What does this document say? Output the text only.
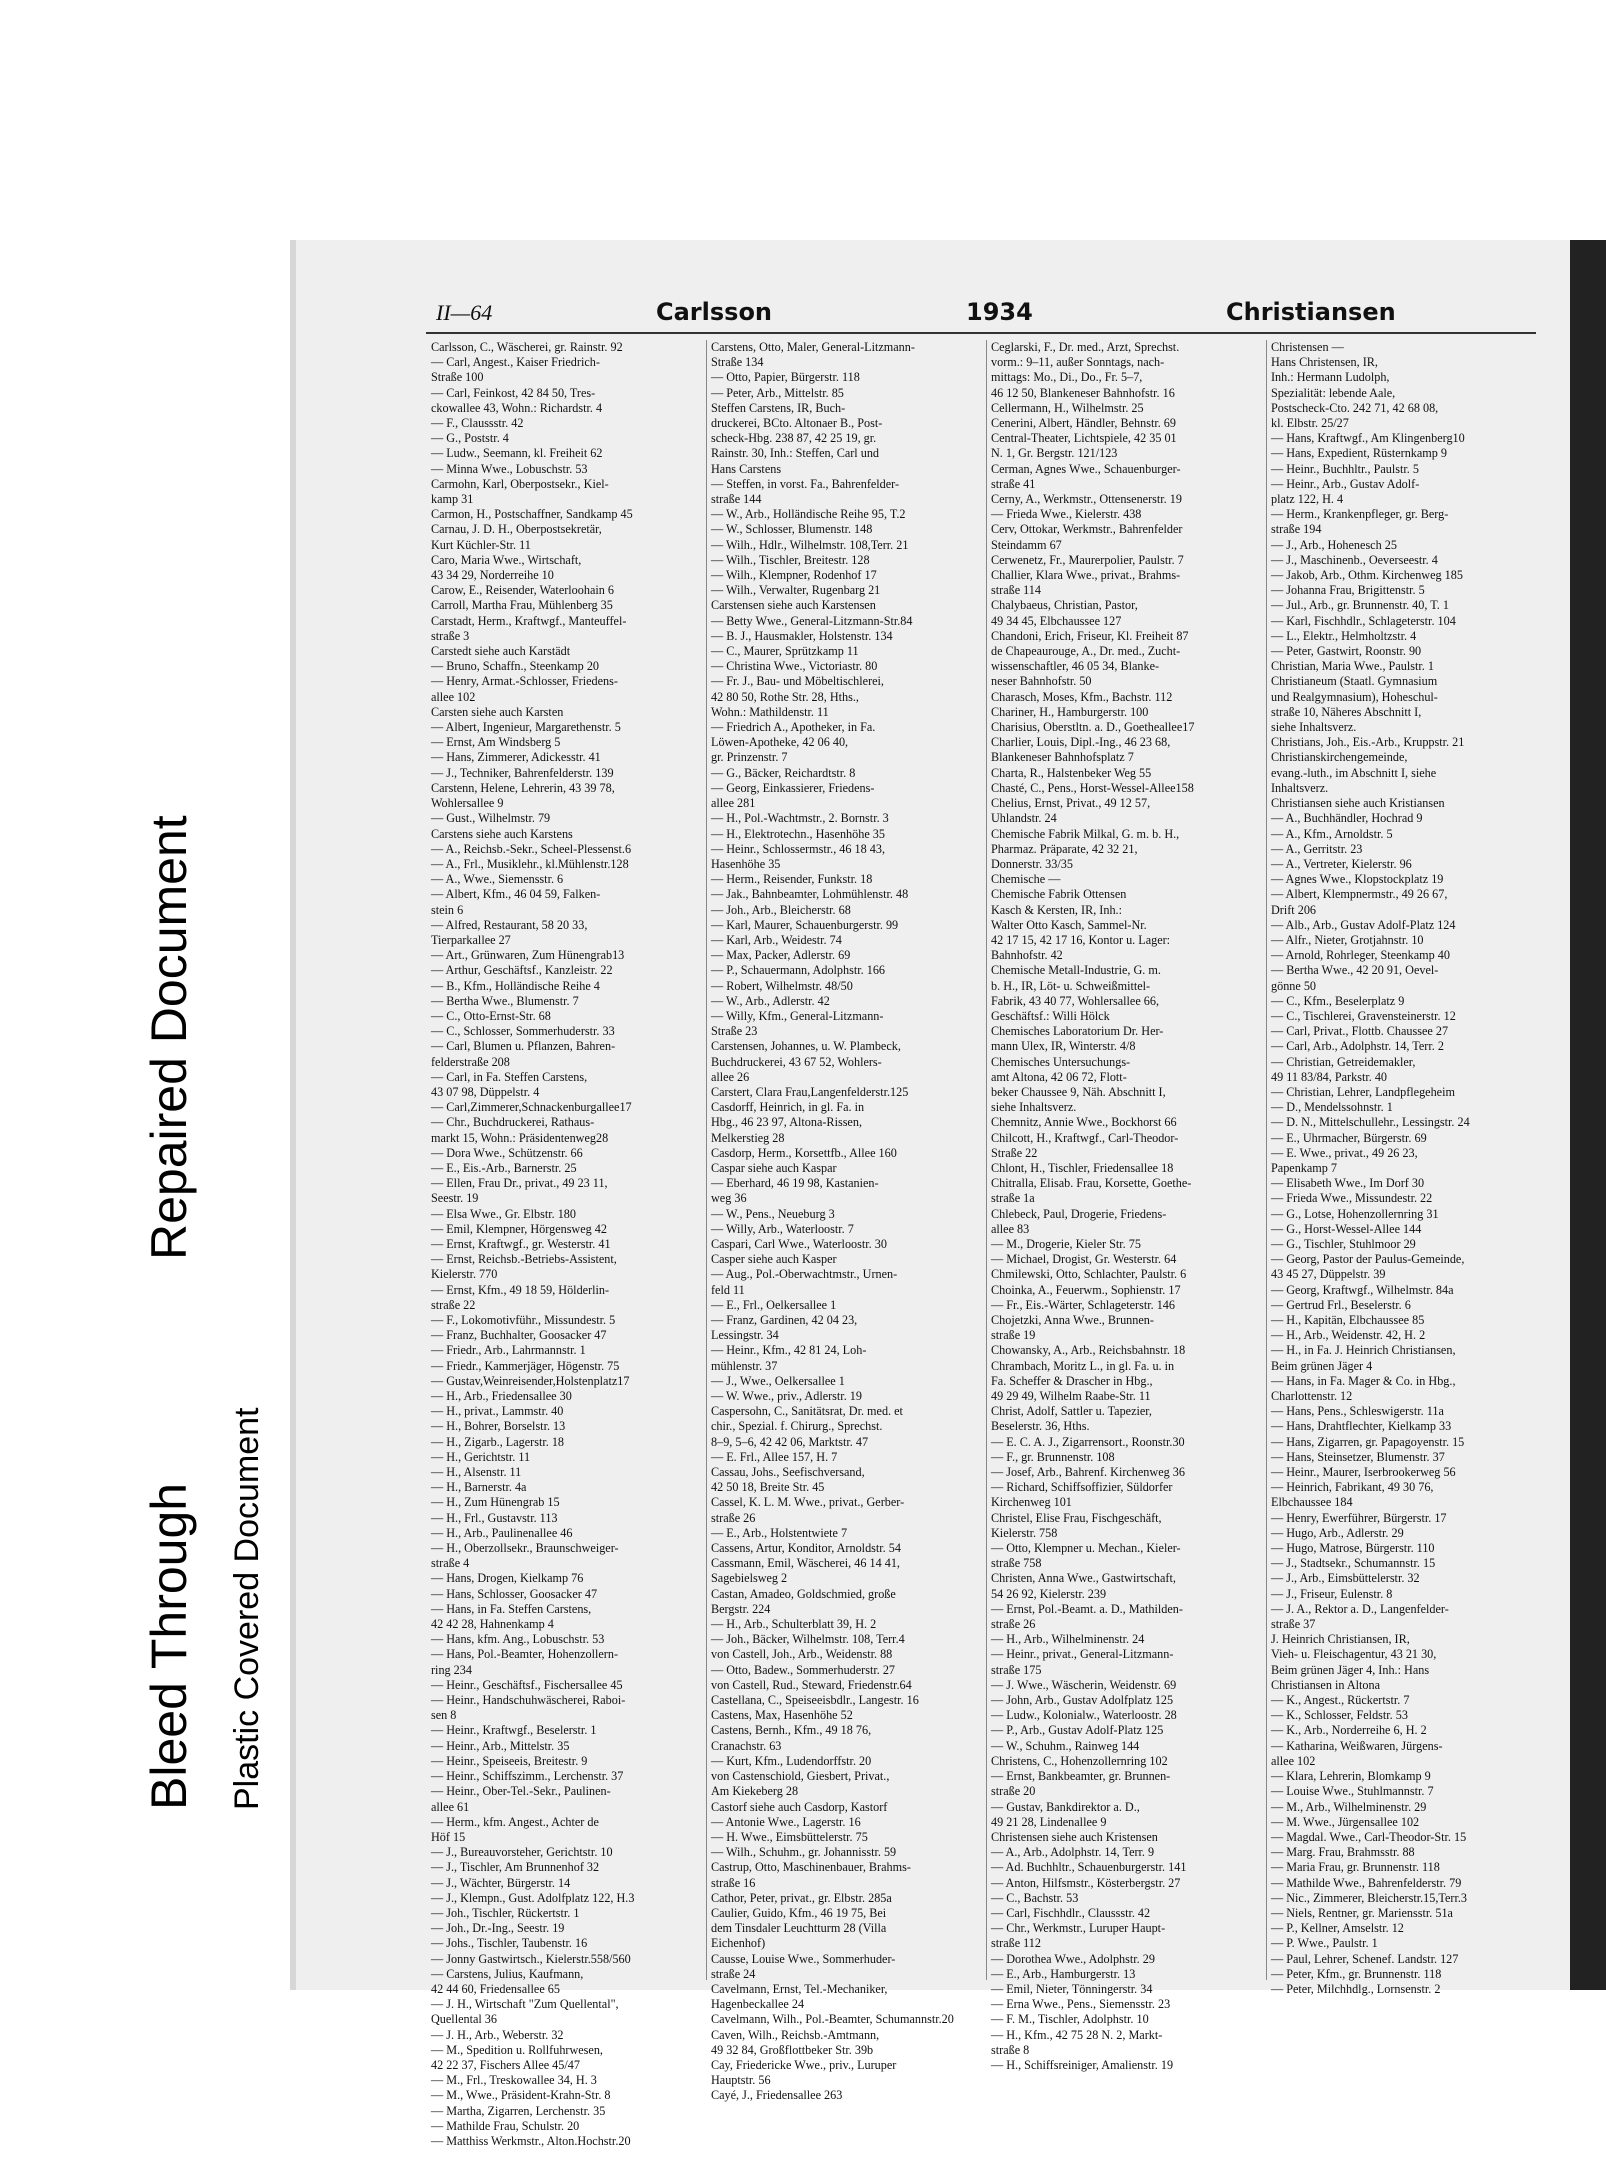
Bleed Through
Repaired Document
Plastic Covered Document
II—64	Carlsson	1934	Christiansen

Carlsson, C., Wäscherei, gr. Rainstr. 92

— Carl, Angest., Kaiser Friedrich-

Straße 100

— Carl, Feinkost, 42 84 50, Tres-

ckowallee 43, Wohn.: Richardstr. 4

— F., Claussstr. 42

— G., Poststr. 4

— Ludw., Seemann, kl. Freiheit 62

— Minna Wwe., Lobuschstr. 53

Carmohn, Karl, Oberpostsekr., Kiel-

kamp 31

Carmon, H., Postschaffner, Sandkamp 45

Carnau, J. D. H., Oberpostsekretär,

Kurt Küchler-Str. 11

Caro, Maria Wwe., Wirtschaft,

43 34 29, Norderreihe 10

Carow, E., Reisender, Waterloohain 6

Carroll, Martha Frau, Mühlenberg 35

Carstadt, Herm., Kraftwgf., Manteuffel-

straße 3

Carstedt siehe auch Karstädt

— Bruno, Schaffn., Steenkamp 20

— Henry, Armat.-Schlosser, Friedens-

allee 102

Carsten siehe auch Karsten

— Albert, Ingenieur, Margarethenstr. 5

— Ernst, Am Windsberg 5

— Hans, Zimmerer, Adickesstr. 41

— J., Techniker, Bahrenfelderstr. 139

Carstenn, Helene, Lehrerin, 43 39 78,

Wohlersallee 9

— Gust., Wilhelmstr. 79

Carstens siehe auch Karstens

— A., Reichsb.-Sekr., Scheel-Plessenst.6

— A., Frl., Musiklehr., kl.Mühlenstr.128

— A., Wwe., Siemensstr. 6

— Albert, Kfm., 46 04 59, Falken-

stein 6

— Alfred, Restaurant, 58 20 33,

Tierparkallee 27

— Art., Grünwaren, Zum Hünengrab13

— Arthur, Geschäftsf., Kanzleistr. 22

— B., Kfm., Holländische Reihe 4

— Bertha Wwe., Blumenstr. 7

— C., Otto-Ernst-Str. 68

— C., Schlosser, Sommerhuderstr. 33

— Carl, Blumen u. Pflanzen, Bahren-

felderstraße 208

— Carl, in Fa. Steffen Carstens,

43 07 98, Düppelstr. 4

— Carl,Zimmerer,Schnackenburgallee17

— Chr., Buchdruckerei, Rathaus-

markt 15, Wohn.: Präsidentenweg28

— Dora Wwe., Schützenstr. 66

— E., Eis.-Arb., Barnerstr. 25

— Ellen, Frau Dr., privat., 49 23 11,

Seestr. 19

— Elsa Wwe., Gr. Elbstr. 180

— Emil, Klempner, Hörgensweg 42

— Ernst, Kraftwgf., gr. Westerstr. 41

— Ernst, Reichsb.-Betriebs-Assistent,

Kielerstr. 770

— Ernst, Kfm., 49 18 59, Hölderlin-

straße 22

— F., Lokomotivführ., Missundestr. 5

— Franz, Buchhalter, Goosacker 47

— Friedr., Arb., Lahrmannstr. 1

— Friedr., Kammerjäger, Högenstr. 75

— Gustav,Weinreisender,Holstenplatz17

— H., Arb., Friedensallee 30

— H., privat., Lammstr. 40

— H., Bohrer, Borselstr. 13

— H., Zigarb., Lagerstr. 18

— H., Gerichtstr. 11

— H., Alsenstr. 11

— H., Barnerstr. 4a

— H., Zum Hünengrab 15

— H., Frl., Gustavstr. 113

— H., Arb., Paulinenallee 46

— H., Oberzollsekr., Braunschweiger-

straße 4

— Hans, Drogen, Kielkamp 76

— Hans, Schlosser, Goosacker 47

— Hans, in Fa. Steffen Carstens,

42 42 28, Hahnenkamp 4

— Hans, kfm. Ang., Lobuschstr. 53

— Hans, Pol.-Beamter, Hohenzollern-

ring 234

— Heinr., Geschäftsf., Fischersallee 45

— Heinr., Handschuhwäscherei, Raboi-

sen 8

— Heinr., Kraftwgf., Beselerstr. 1

— Heinr., Arb., Mittelstr. 35

— Heinr., Speiseeis, Breitestr. 9

— Heinr., Schiffszimm., Lerchenstr. 37

— Heinr., Ober-Tel.-Sekr., Paulinen-

allee 61

— Herm., kfm. Angest., Achter de

Höf 15

— J., Bureauvorsteher, Gerichtstr. 10

— J., Tischler, Am Brunnenhof 32

— J., Wächter, Bürgerstr. 14

— J., Klempn., Gust. Adolfplatz 122, H.3

— Joh., Tischler, Rückertstr. 1

— Joh., Dr.-Ing., Seestr. 19

— Johs., Tischler, Taubenstr. 16

— Jonny Gastwirtsch., Kielerstr.558/560

— Carstens, Julius, Kaufmann,

42 44 60, Friedensallee 65

— J. H., Wirtschaft "Zum Quellental",

Quellental 36

— J. H., Arb., Weberstr. 32

— M., Spedition u. Rollfuhrwesen,

42 22 37, Fischers Allee 45/47

— M., Frl., Treskowallee 34, H. 3

— M., Wwe., Präsident-Krahn-Str. 8

— Martha, Zigarren, Lerchenstr. 35

— Mathilde Frau, Schulstr. 20

— Matthiss Werkmstr., Alton.Hochstr.20

Carstens, Otto, Maler, General-Litzmann-

Straße 134

— Otto, Papier, Bürgerstr. 118

— Peter, Arb., Mittelstr. 85

Steffen Carstens, IR, Buch-

druckerei, BCto. Altonaer B., Post-

scheck-Hbg. 238 87, 42 25 19, gr.

Rainstr. 30, Inh.: Steffen, Carl und

Hans Carstens

— Steffen, in vorst. Fa., Bahrenfelder-

straße 144

— W., Arb., Holländische Reihe 95, T.2

— W., Schlosser, Blumenstr. 148

— Wilh., Hdlr., Wilhelmstr. 108,Terr. 21

— Wilh., Tischler, Breitestr. 128

— Wilh., Klempner, Rodenhof 17

— Wilh., Verwalter, Rugenbarg 21

Carstensen siehe auch Karstensen

— Betty Wwe., General-Litzmann-Str.84

— B. J., Hausmakler, Holstenstr. 134

— C., Maurer, Sprützkamp 11

— Christina Wwe., Victoriastr. 80

— Fr. J., Bau- und Möbeltischlerei,

42 80 50, Rothe Str. 28, Hths.,

Wohn.: Mathildenstr. 11

— Friedrich A., Apotheker, in Fa.

Löwen-Apotheke, 42 06 40,

gr. Prinzenstr. 7

— G., Bäcker, Reichardtstr. 8

— Georg, Einkassierer, Friedens-

allee 281

— H., Pol.-Wachtmstr., 2. Bornstr. 3

— H., Elektrotechn., Hasenhöhe 35

— Heinr., Schlossermstr., 46 18 43,

Hasenhöhe 35

— Herm., Reisender, Funkstr. 18

— Jak., Bahnbeamter, Lohmühlenstr. 48

— Joh., Arb., Bleicherstr. 68

— Karl, Maurer, Schauenburgerstr. 99

— Karl, Arb., Weidestr. 74

— Max, Packer, Adlerstr. 69

— P., Schauermann, Adolphstr. 166

— Robert, Wilhelmstr. 48/50

— W., Arb., Adlerstr. 42

— Willy, Kfm., General-Litzmann-

Straße 23

Carstensen, Johannes, u. W. Plambeck,

Buchdruckerei, 43 67 52, Wohlers-

allee 26

Carstert, Clara Frau,Langenfelderstr.125

Casdorff, Heinrich, in gl. Fa. in

Hbg., 46 23 97, Altona-Rissen,

Melkerstieg 28

Casdorp, Herm., Korsettfb., Allee 160

Caspar siehe auch Kaspar

— Eberhard, 46 19 98, Kastanien-

weg 36

— W., Pens., Neueburg 3

— Willy, Arb., Waterloostr. 7

Caspari, Carl Wwe., Waterloostr. 30

Casper siehe auch Kasper

— Aug., Pol.-Oberwachtmstr., Urnen-

feld 11

— E., Frl., Oelkersallee 1

— Franz, Gardinen, 42 04 23,

Lessingstr. 34

— Heinr., Kfm., 42 81 24, Loh-

mühlenstr. 37

— J., Wwe., Oelkersallee 1

— W. Wwe., priv., Adlerstr. 19

Caspersohn, C., Sanitätsrat, Dr. med. et

chir., Spezial. f. Chirurg., Sprechst.

8–9, 5–6, 42 42 06, Marktstr. 47

— E. Frl., Allee 157, H. 7

Cassau, Johs., Seefischversand,

42 50 18, Breite Str. 45

Cassel, K. L. M. Wwe., privat., Gerber-

straße 26

— E., Arb., Holstentwiete 7

Cassens, Artur, Konditor, Arnoldstr. 54

Cassmann, Emil, Wäscherei, 46 14 41,

Sagebielsweg 2

Castan, Amadeo, Goldschmied, große

Bergstr. 224

— H., Arb., Schulterblatt 39, H. 2

— Joh., Bäcker, Wilhelmstr. 108, Terr.4

von Castell, Joh., Arb., Weidenstr. 88

— Otto, Badew., Sommerhuderstr. 27

von Castell, Rud., Steward, Friedenstr.64

Castellana, C., Speiseeisbdlr., Langestr. 16

Castens, Max, Hasenhöhe 52

Castens, Bernh., Kfm., 49 18 76,

Cranachstr. 63

— Kurt, Kfm., Ludendorffstr. 20

von Castenschiold, Giesbert, Privat.,

Am Kiekeberg 28

Castorf siehe auch Casdorp, Kastorf

— Antonie Wwe., Lagerstr. 16

— H. Wwe., Eimsbüttelerstr. 75

— Wilh., Schuhm., gr. Johannisstr. 59

Castrup, Otto, Maschinenbauer, Brahms-

straße 16

Cathor, Peter, privat., gr. Elbstr. 285a

Caulier, Guido, Kfm., 46 19 75, Bei

dem Tinsdaler Leuchtturm 28 (Villa

Eichenhof)

Causse, Louise Wwe., Sommerhuder-

straße 24

Cavelmann, Ernst, Tel.-Mechaniker,

Hagenbeckallee 24

Cavelmann, Wilh., Pol.-Beamter, Schumannstr.20

Caven, Wilh., Reichsb.-Amtmann,

49 32 84, Großflottbeker Str. 39b

Cay, Friedericke Wwe., priv., Luruper

Hauptstr. 56

Cayé, J., Friedensallee 263

Ceglarski, F., Dr. med., Arzt, Sprechst.

vorm.: 9–11, außer Sonntags, nach-

mittags: Mo., Di., Do., Fr. 5–7,

46 12 50, Blankeneser Bahnhofstr. 16

Cellermann, H., Wilhelmstr. 25

Cenerini, Albert, Händler, Behnstr. 69

Central-Theater, Lichtspiele, 42 35 01

N. 1, Gr. Bergstr. 121/123

Cerman, Agnes Wwe., Schauenburger-

straße 41

Cerny, A., Werkmstr., Ottensenerstr. 19

— Frieda Wwe., Kielerstr. 438

Cerv, Ottokar, Werkmstr., Bahrenfelder

Steindamm 67

Cerwenetz, Fr., Maurerpolier, Paulstr. 7

Challier, Klara Wwe., privat., Brahms-

straße 114

Chalybaeus, Christian, Pastor,

49 34 45, Elbchaussee 127

Chandoni, Erich, Friseur, Kl. Freiheit 87

de Chapeaurouge, A., Dr. med., Zucht-

wissenschaftler, 46 05 34, Blanke-

neser Bahnhofstr. 50

Charasch, Moses, Kfm., Bachstr. 112

Chariner, H., Hamburgerstr. 100

Charisius, Oberstltn. a. D., Goetheallee17

Charlier, Louis, Dipl.-Ing., 46 23 68,

Blankeneser Bahnhofsplatz 7

Charta, R., Halstenbeker Weg 55

Chasté, C., Pens., Horst-Wessel-Allee158

Chelius, Ernst, Privat., 49 12 57,

Uhlandstr. 24

Chemische Fabrik Milkal, G. m. b. H.,

Pharmaz. Präparate, 42 32 21,

Donnerstr. 33/35

Chemische —

Chemische Fabrik Ottensen

Kasch & Kersten, IR, Inh.:

Walter Otto Kasch, Sammel-Nr.

42 17 15, 42 17 16, Kontor u. Lager:

Bahnhofstr. 42

Chemische Metall-Industrie, G. m.

b. H., IR, Löt- u. Schweißmittel-

Fabrik, 43 40 77, Wohlersallee 66,

Geschäftsf.: Willi Hölck

Chemisches Laboratorium Dr. Her-

mann Ulex, IR, Winterstr. 4/8

Chemisches Untersuchungs-

amt Altona, 42 06 72, Flott-

beker Chaussee 9, Näh. Abschnitt I,

siehe Inhaltsverz.

Chemnitz, Annie Wwe., Bockhorst 66

Chilcott, H., Kraftwgf., Carl-Theodor-

Straße 22

Chlont, H., Tischler, Friedensallee 18

Chitralla, Elisab. Frau, Korsette, Goethe-

straße 1a

Chlebeck, Paul, Drogerie, Friedens-

allee 83

— M., Drogerie, Kieler Str. 75

— Michael, Drogist, Gr. Westerstr. 64

Chmilewski, Otto, Schlachter, Paulstr. 6

Choinka, A., Feuerwm., Sophienstr. 17

— Fr., Eis.-Wärter, Schlageterstr. 146

Chojetzki, Anna Wwe., Brunnen-

straße 19

Chowansky, A., Arb., Reichsbahnstr. 18

Chrambach, Moritz L., in gl. Fa. u. in

Fa. Scheffer & Drascher in Hbg.,

49 29 49, Wilhelm Raabe-Str. 11

Christ, Adolf, Sattler u. Tapezier,

Beselerstr. 36, Hths.

— E. C. A. J., Zigarrensort., Roonstr.30

— F., gr. Brunnenstr. 108

— Josef, Arb., Bahrenf. Kirchenweg 36

— Richard, Schiffsoffizier, Süldorfer

Kirchenweg 101

Christel, Elise Frau, Fischgeschäft,

Kielerstr. 758

— Otto, Klempner u. Mechan., Kieler-

straße 758

Christen, Anna Wwe., Gastwirtschaft,

54 26 92, Kielerstr. 239

— Ernst, Pol.-Beamt. a. D., Mathilden-

straße 26

— H., Arb., Wilhelminenstr. 24

— Heinr., privat., General-Litzmann-

straße 175

— J. Wwe., Wäscherin, Weidenstr. 69

— John, Arb., Gustav Adolfplatz 125

— Ludw., Kolonialw., Waterloostr. 28

— P., Arb., Gustav Adolf-Platz 125

— W., Schuhm., Rainweg 144

Christens, C., Hohenzollernring 102

— Ernst, Bankbeamter, gr. Brunnen-

straße 20

— Gustav, Bankdirektor a. D.,

49 21 28, Lindenallee 9

Christensen siehe auch Kristensen

— A., Arb., Adolphstr. 14, Terr. 9

— Ad. Buchhltr., Schauenburgerstr. 141

— Anton, Hilfsmstr., Kösterbergstr. 27

— C., Bachstr. 53

— Carl, Fischhdlr., Claussstr. 42

— Chr., Werkmstr., Luruper Haupt-

straße 112

— Dorothea Wwe., Adolphstr. 29

— E., Arb., Hamburgerstr. 13

— Emil, Nieter, Tönningerstr. 34

— Erna Wwe., Pens., Siemensstr. 23

— F. M., Tischler, Adolphstr. 10

— H., Kfm., 42 75 28 N. 2, Markt-

straße 8

— H., Schiffsreiniger, Amalienstr. 19

Christensen —

Hans Christensen, IR,

Inh.: Hermann Ludolph,

Spezialität: lebende Aale,

Postscheck-Cto. 242 71, 42 68 08,

kl. Elbstr. 25/27

— Hans, Kraftwgf., Am Klingenberg10

— Hans, Expedient, Rüsternkamp 9

— Heinr., Buchhltr., Paulstr. 5

— Heinr., Arb., Gustav Adolf-

platz 122, H. 4

— Herm., Krankenpfleger, gr. Berg-

straße 194

— J., Arb., Hohenesch 25

— J., Maschinenb., Oeverseestr. 4

— Jakob, Arb., Othm. Kirchenweg 185

— Johanna Frau, Brigittenstr. 5

— Jul., Arb., gr. Brunnenstr. 40, T. 1

— Karl, Fischhdlr., Schlageterstr. 104

— L., Elektr., Helmholtzstr. 4

— Peter, Gastwirt, Roonstr. 90

Christian, Maria Wwe., Paulstr. 1

Christianeum (Staatl. Gymnasium

und Realgymnasium), Hoheschul-

straße 10, Näheres Abschnitt I,

siehe Inhaltsverz.

Christians, Joh., Eis.-Arb., Kruppstr. 21

Christianskirchengemeinde,

evang.-luth., im Abschnitt I, siehe

Inhaltsverz.

Christiansen siehe auch Kristiansen

— A., Buchhändler, Hochrad 9

— A., Kfm., Arnoldstr. 5

— A., Gerritstr. 23

— A., Vertreter, Kielerstr. 96

— Agnes Wwe., Klopstockplatz 19

— Albert, Klempnermstr., 49 26 67,

Drift 206

— Alb., Arb., Gustav Adolf-Platz 124

— Alfr., Nieter, Grotjahnstr. 10

— Arnold, Rohrleger, Steenkamp 40

— Bertha Wwe., 42 20 91, Oevel-

gönne 50

— C., Kfm., Beselerplatz 9

— C., Tischlerei, Gravensteinerstr. 12

— Carl, Privat., Flottb. Chaussee 27

— Carl, Arb., Adolphstr. 14, Terr. 2

— Christian, Getreidemakler,

49 11 83/84, Parkstr. 40

— Christian, Lehrer, Landpflegeheim

— D., Mendelssohnstr. 1

— D. N., Mittelschullehr., Lessingstr. 24

— E., Uhrmacher, Bürgerstr. 69

— E. Wwe., privat., 49 26 23,

Papenkamp 7

— Elisabeth Wwe., Im Dorf 30

— Frieda Wwe., Missundestr. 22

— G., Lotse, Hohenzollernring 31

— G., Horst-Wessel-Allee 144

— G., Tischler, Stuhlmoor 29

— Georg, Pastor der Paulus-Gemeinde,

43 45 27, Düppelstr. 39

— Georg, Kraftwgf., Wilhelmstr. 84a

— Gertrud Frl., Beselerstr. 6

— H., Kapitän, Elbchaussee 85

— H., Arb., Weidenstr. 42, H. 2

— H., in Fa. J. Heinrich Christiansen,

Beim grünen Jäger 4

— Hans, in Fa. Mager & Co. in Hbg.,

Charlottenstr. 12

— Hans, Pens., Schleswigerstr. 11a

— Hans, Drahtflechter, Kielkamp 33

— Hans, Zigarren, gr. Papagoyenstr. 15

— Hans, Steinsetzer, Blumenstr. 37

— Heinr., Maurer, Iserbrookerweg 56

— Heinrich, Fabrikant, 49 30 76,

Elbchaussee 184

— Henry, Ewerführer, Bürgerstr. 17

— Hugo, Arb., Adlerstr. 29

— Hugo, Matrose, Bürgerstr. 110

— J., Stadtsekr., Schumannstr. 15

— J., Arb., Eimsbüttelerstr. 32

— J., Friseur, Eulenstr. 8

— J. A., Rektor a. D., Langenfelder-

straße 37

J. Heinrich Christiansen, IR,

Vieh- u. Fleischagentur, 43 21 30,

Beim grünen Jäger 4, Inh.: Hans

Christiansen in Altona

— K., Angest., Rückertstr. 7

— K., Schlosser, Feldstr. 53

— K., Arb., Norderreihe 6, H. 2

— Katharina, Weißwaren, Jürgens-

allee 102

— Klara, Lehrerin, Blomkamp 9

— Louise Wwe., Stuhlmannstr. 7

— M., Arb., Wilhelminenstr. 29

— M. Wwe., Jürgensallee 102

— Magdal. Wwe., Carl-Theodor-Str. 15

— Marg. Frau, Brahmsstr. 88

— Maria Frau, gr. Brunnenstr. 118

— Mathilde Wwe., Bahrenfelderstr. 79

— Nic., Zimmerer, Bleicherstr.15,Terr.3

— Niels, Rentner, gr. Mariensstr. 51a

— P., Kellner, Amselstr. 12

— P. Wwe., Paulstr. 1

— Paul, Lehrer, Schenef. Landstr. 127

— Peter, Kfm., gr. Brunnenstr. 118

— Peter, Milchhdlg., Lornsenstr. 2
